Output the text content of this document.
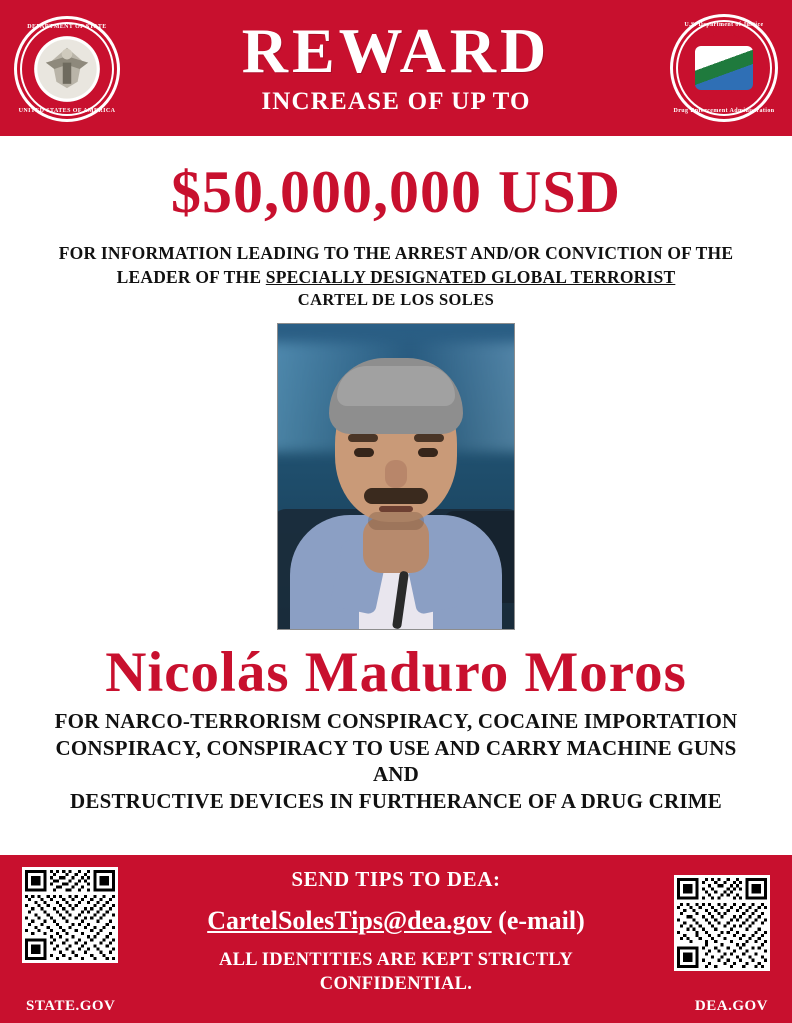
DEPARTMENT OF STATE
UNITED STATES OF AMERICA
REWARD
INCREASE OF UP TO
U.S. Department of Justice
Drug Enforcement Administration
$50,000,000 USD
FOR INFORMATION LEADING TO THE ARREST AND/OR CONVICTION OF THE
LEADER OF THE SPECIALLY DESIGNATED GLOBAL TERRORIST
CARTEL DE LOS SOLES
Nicolás Maduro Moros
FOR NARCO-TERRORISM CONSPIRACY, COCAINE IMPORTATION
CONSPIRACY, CONSPIRACY TO USE AND CARRY MACHINE GUNS AND
DESTRUCTIVE DEVICES IN FURTHERANCE OF A DRUG CRIME
SEND TIPS TO DEA:
CartelSolesTips@dea.gov (e-mail)
ALL IDENTITIES ARE KEPT STRICTLY
CONFIDENTIAL.
STATE.GOV	DEA.GOV
